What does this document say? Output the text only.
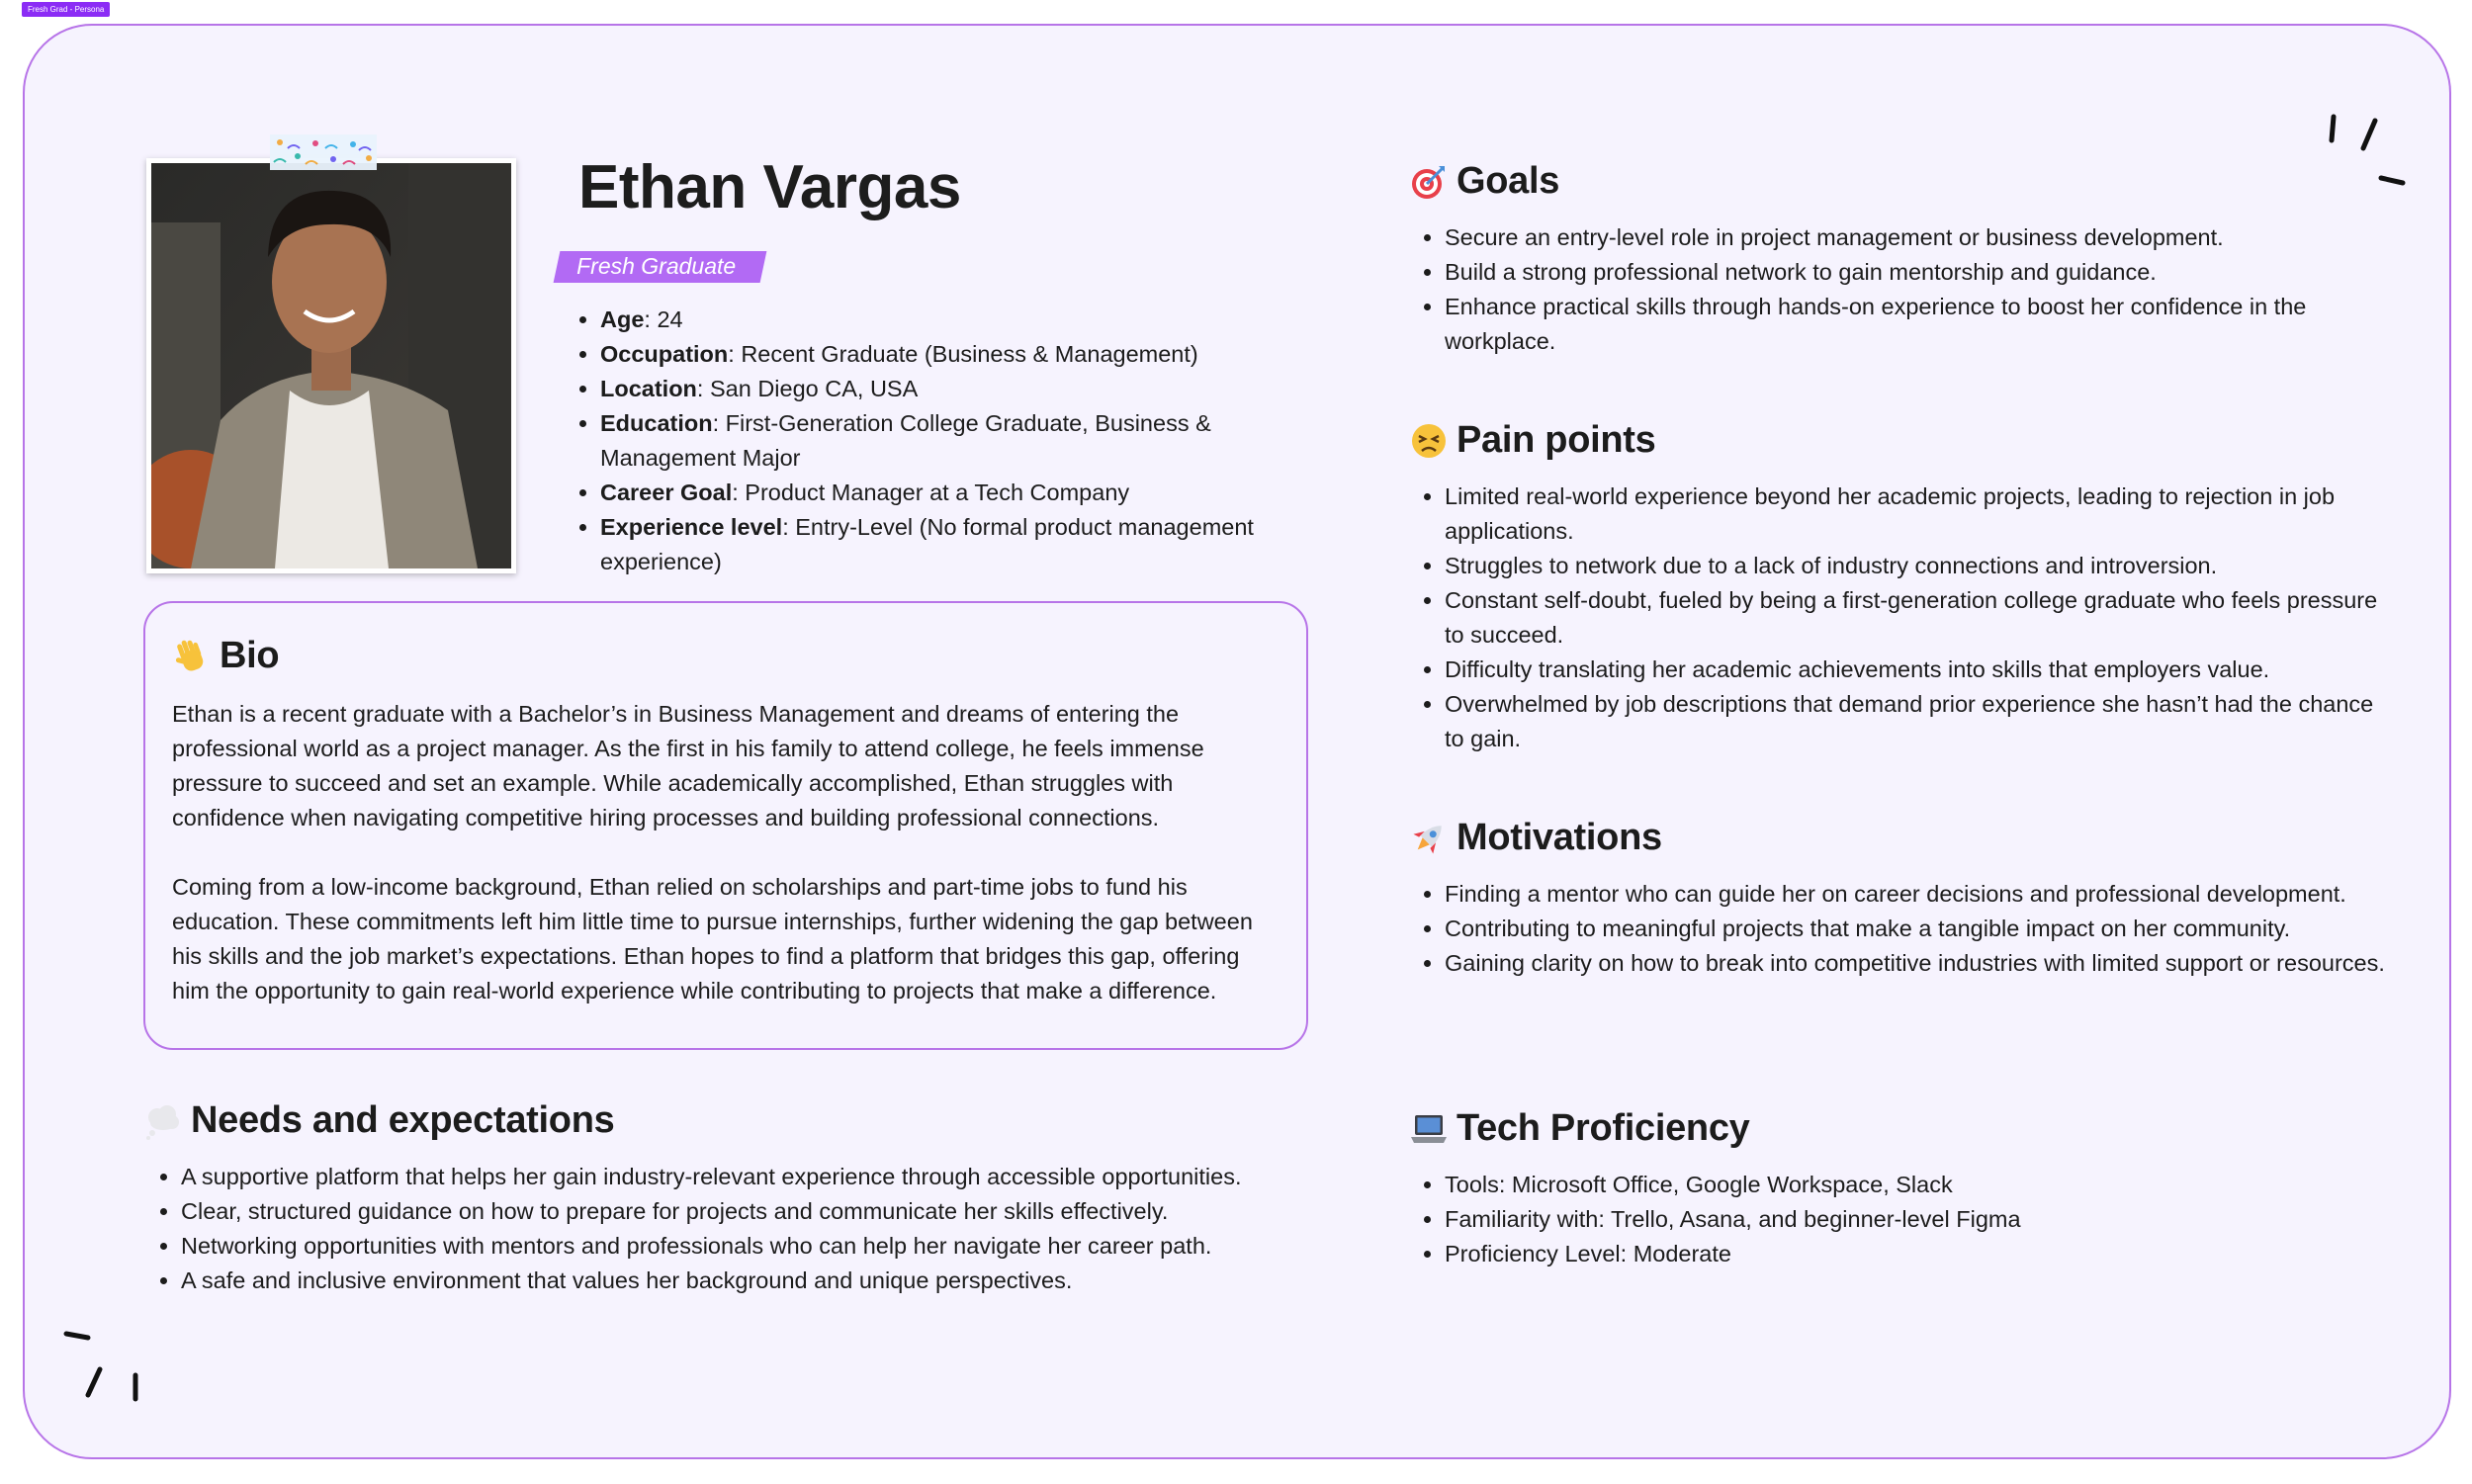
Fresh Grad - Persona
Ethan Vargas
Fresh Graduate
• Age: 24
• Occupation: Recent Graduate (Business & Management)
• Location: San Diego CA, USA
• Education: First-Generation College Graduate, Business & Management Major
• Career Goal: Product Manager at a Tech Company
• Experience level: Entry-Level (No formal product management experience)
Bio

Ethan is a recent graduate with a Bachelor’s in Business Management and dreams of entering the professional world as a project manager. As the first in his family to attend college, he feels immense pressure to succeed and set an example. While academically accomplished, Ethan struggles with confidence when navigating competitive hiring processes and building professional connections.

Coming from a low-income background, Ethan relied on scholarships and part-time jobs to fund his education. These commitments left him little time to pursue internships, further widening the gap between his skills and the job market’s expectations. Ethan hopes to find a platform that bridges this gap, offering him the opportunity to gain real-world experience while contributing to projects that make a difference.

Needs and expectations
• A supportive platform that helps her gain industry-relevant experience through accessible opportunities.
• Clear, structured guidance on how to prepare for projects and communicate her skills effectively.
• Networking opportunities with mentors and professionals who can help her navigate her career path.
• A safe and inclusive environment that values her background and unique perspectives.
Goals
• Secure an entry-level role in project management or business development.
• Build a strong professional network to gain mentorship and guidance.
• Enhance practical skills through hands-on experience to boost her confidence in the workplace.
Pain points
• Limited real-world experience beyond her academic projects, leading to rejection in job applications.
• Struggles to network due to a lack of industry connections and introversion.
• Constant self-doubt, fueled by being a first-generation college graduate who feels pressure to succeed.
• Difficulty translating her academic achievements into skills that employers value.
• Overwhelmed by job descriptions that demand prior experience she hasn’t had the chance to gain.
Motivations
• Finding a mentor who can guide her on career decisions and professional development.
• Contributing to meaningful projects that make a tangible impact on her community.
• Gaining clarity on how to break into competitive industries with limited support or resources.
Tech Proficiency
• Tools: Microsoft Office, Google Workspace, Slack
• Familiarity with: Trello, Asana, and beginner-level Figma
• Proficiency Level: Moderate
